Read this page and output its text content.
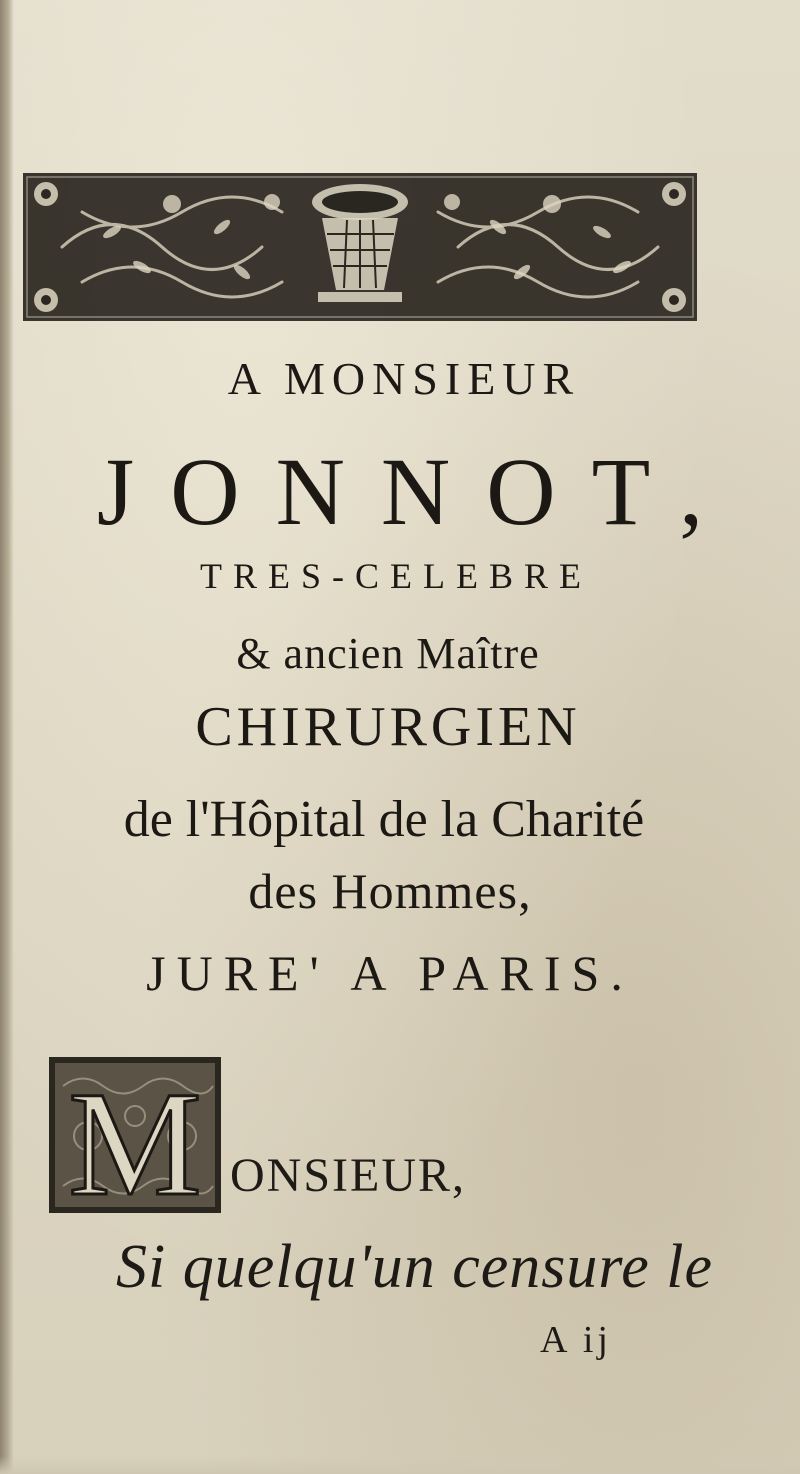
A MONSIEUR
JONNOT,
TRES-CELEBRE
& ancien Maître
CHIRURGIEN
de l'Hôpital de la Charité
des Hommes,
JURE' A PARIS.
M ONSIEUR,
Si quelqu'un censure le
A ij
